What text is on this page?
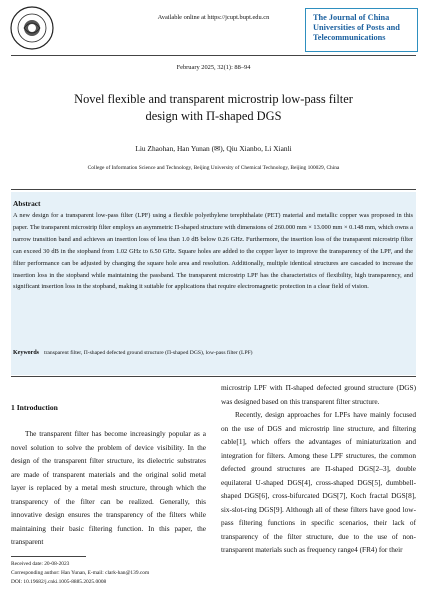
Available online at https://jcupt.bupt.edu.cn	The Journal of China
Universities of Posts and
Telecommunications
February 2025, 32(1): 88–94
Novel flexible and transparent microstrip low-pass filter
design with Π-shaped DGS
Liu Zhaohan, Han Yunan (✉), Qiu Xianbo, Li Xianli
College of Information Science and Technology, Beijing University of Chemical Technology, Beijing 100029, China
Abstract
A new design for a transparent low-pass filter (LPF) using a flexible polyethylene terephthalate (PET) material and metallic copper was proposed in this paper. The transparent microstrip filter employs an asymmetric Π-shaped structure with dimensions of 260.000 mm × 13.000 mm × 0.148 mm, which owns a narrow transition band and achieves an insertion loss of less than 1.0 dB below 0.26 GHz. Furthermore, the insertion loss of the transparent microstrip filter can exceed 30 dB in the stopband from 1.02 GHz to 6.50 GHz. Square holes are added to the copper layer to improve the transparency of the LPF, and the filter performance can be adjusted by changing the square hole area and resolution. Additionally, multiple identical structures are cascaded to increase the insertion loss in the stopband while maintaining the passband. The transparent microstrip LPF has the characteristics of flexibility, high transparency, and significant insertion loss in the stopband, making it suitable for applications that require electromagnetic protection in a clear field of vision.
Keywords transparent filter, Π-shaped defected ground structure (Π-shaped DGS), low-pass filter (LPF)
1 Introduction
The transparent filter has become increasingly popular as a novel solution to solve the problem of device visibility. In the design of the transparent filter structure, its dielectric substrates are made of transparent materials and the original solid metal layer is replaced by a metal mesh structure, through which the transparency of the filter can be realized. Generally, this innovative design ensures the transparency of the filters while maintaining their basic filtering function. In this paper, the transparent
Received date: 20-08-2023
Corresponding author: Han Yunan, E-mail: clark-han@139.com
DOI: 10.19682/j.cnki.1005-8885.2025.0008
microstrip LPF with Π-shaped defected ground structure (DGS) was designed based on this transparent filter structure.
Recently, design approaches for LPFs have mainly focused on the use of DGS and microstrip line structure, and filtering cable[1], which offers the advantages of miniaturization and integration for filters. Among these LPF structures, the common defected ground structures are Π-shaped DGS[2–3], double equilateral U-shaped DGS[4], cross-shaped DGS[5], dumbbell-shaped DGS[6], cross-bifurcated DGS[7], Koch fractal DGS[8], six-slot-ring DGS[9]. Although all of these filters have good low-pass filtering functions in specific scenarios, their lack of transparency of the filter structure, due to the use of non-transparent materials such as frequency range4 (FR4) for their
